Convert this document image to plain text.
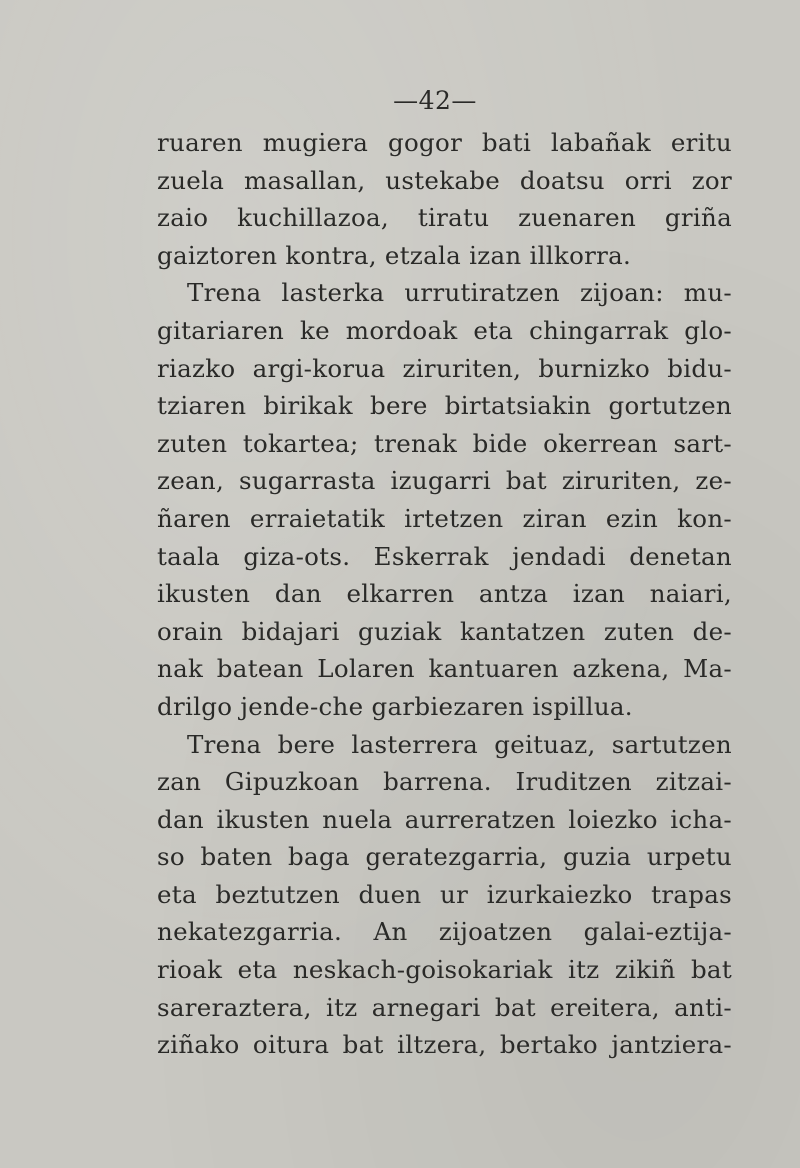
—42—
ruaren mugiera gogor bati labañak eritu
zuela masallan, ustekabe doatsu orri zor
zaio kuchillazoa, tiratu zuenaren griña
gaiztoren kontra, etzala izan illkorra.
Trena lasterka urrutiratzen zijoan: mu-
gitariaren ke mordoak eta chingarrak glo-
riazko argi-korua ziruriten, burnizko bidu-
tziaren birikak bere birtatsiakin gortutzen
zuten tokartea; trenak bide okerrean sart-
zean, sugarrasta izugarri bat ziruriten, ze-
ñaren erraietatik irtetzen ziran ezin kon-
taala giza-ots. Eskerrak jendadi denetan
ikusten dan elkarren antza izan naiari,
orain bidajari guziak kantatzen zuten de-
nak batean Lolaren kantuaren azkena, Ma-
drilgo jende-che garbiezaren ispillua.
Trena bere lasterrera geituaz, sartutzen
zan Gipuzkoan barrena. Iruditzen zitzai-
dan ikusten nuela aurreratzen loiezko icha-
so baten baga geratezgarria, guzia urpetu
eta beztutzen duen ur izurkaiezko trapas
nekatezgarria. An zijoatzen galai-eztija-
rioak eta neskach-goisokariak itz zikiñ bat
sareraztera, itz arnegari bat ereitera, anti-
ziñako oitura bat iltzera, bertako jantziera-
